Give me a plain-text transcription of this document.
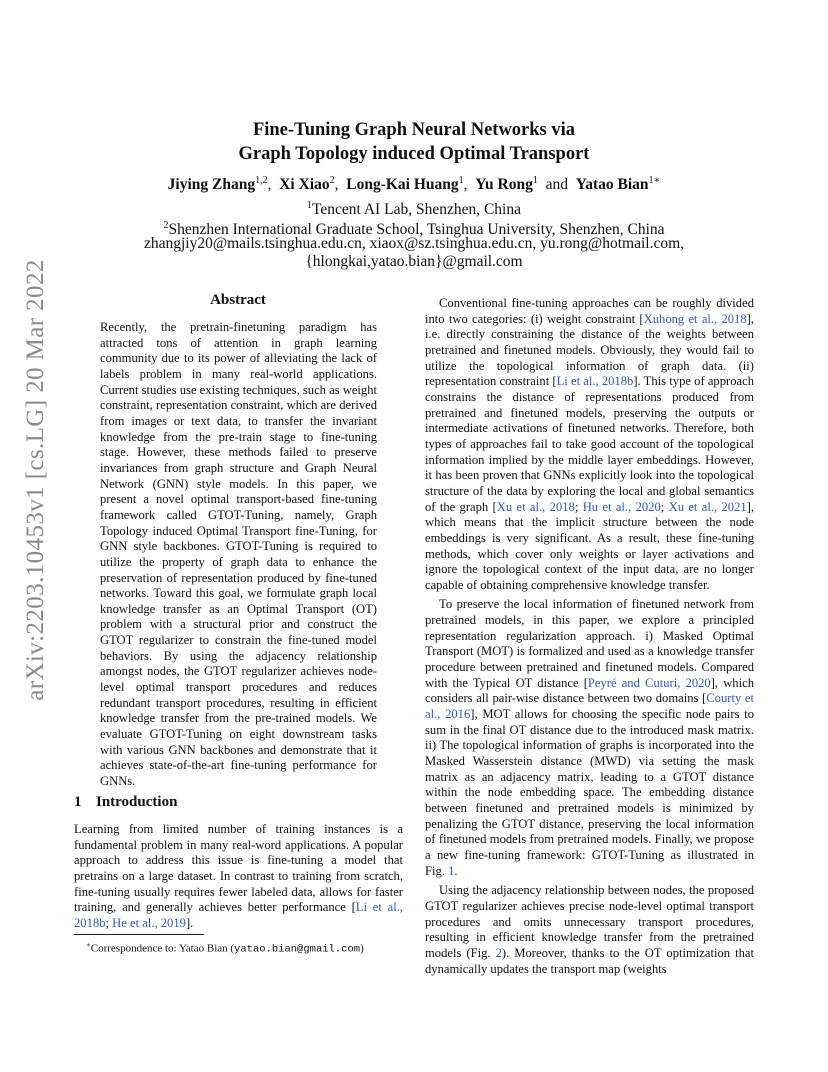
arXiv:2203.10453v1 [cs.LG] 20 Mar 2022
Fine-Tuning Graph Neural Networks via
Graph Topology induced Optimal Transport
Jiying Zhang$^{1,2}$, Xi Xiao$^2$, Long-Kai Huang$^1$, Yu Rong$^1$ and Yatao Bian$^{1∗}$
$^1$Tencent AI Lab, Shenzhen, China
$^2$Shenzhen International Graduate School, Tsinghua University, Shenzhen, China
zhangjiy20@mails.tsinghua.edu.cn, xiaox@sz.tsinghua.edu.cn, yu.rong@hotmail.com,
{hlongkai,yatao.bian}@gmail.com
Abstract
Recently, the pretrain-finetuning paradigm has attracted tons of attention in graph learning community due to its power of alleviating the lack of labels problem in many real-world applications. Current studies use existing techniques, such as weight constraint, representation constraint, which are derived from images or text data, to transfer the invariant knowledge from the pre-train stage to fine-tuning stage. However, these methods failed to preserve invariances from graph structure and Graph Neural Network (GNN) style models. In this paper, we present a novel optimal transport-based fine-tuning framework called GTOT-Tuning, namely, Graph Topology induced Optimal Transport fine-Tuning, for GNN style backbones. GTOT-Tuning is required to utilize the property of graph data to enhance the preservation of representation produced by fine-tuned networks. Toward this goal, we formulate graph local knowledge transfer as an Optimal Transport (OT) problem with a structural prior and construct the GTOT regularizer to constrain the fine-tuned model behaviors. By using the adjacency relationship amongst nodes, the GTOT regularizer achieves node-level optimal transport procedures and reduces redundant transport procedures, resulting in efficient knowledge transfer from the pre-trained models. We evaluate GTOT-Tuning on eight downstream tasks with various GNN backbones and demonstrate that it achieves state-of-the-art fine-tuning performance for GNNs.
1 Introduction
Learning from limited number of training instances is a fundamental problem in many real-word applications. A popular approach to address this issue is fine-tuning a model that pretrains on a large dataset. In contrast to training from scratch, fine-tuning usually requires fewer labeled data, allows for faster training, and generally achieves better performance [Li et al., 2018b; He et al., 2019].
∗Correspondence to: Yatao Bian (yatao.bian@gmail.com)

Conventional fine-tuning approaches can be roughly divided into two categories: (i) weight constraint [Xuhong et al., 2018], i.e. directly constraining the distance of the weights between pretrained and finetuned models. Obviously, they would fail to utilize the topological information of graph data. (ii) representation constraint [Li et al., 2018b]. This type of approach constrains the distance of representations produced from pretrained and finetuned models, preserving the outputs or intermediate activations of finetuned networks. Therefore, both types of approaches fail to take good account of the topological information implied by the middle layer embeddings. However, it has been proven that GNNs explicitly look into the topological structure of the data by exploring the local and global semantics of the graph [Xu et al., 2018; Hu et al., 2020; Xu et al., 2021], which means that the implicit structure between the node embeddings is very significant. As a result, these fine-tuning methods, which cover only weights or layer activations and ignore the topological context of the input data, are no longer capable of obtaining comprehensive knowledge transfer.

To preserve the local information of finetuned network from pretrained models, in this paper, we explore a principled representation regularization approach. i) Masked Optimal Transport (MOT) is formalized and used as a knowledge transfer procedure between pretrained and finetuned models. Compared with the Typical OT distance [Peyré and Cuturi, 2020], which considers all pair-wise distance between two domains [Courty et al., 2016], MOT allows for choosing the specific node pairs to sum in the final OT distance due to the introduced mask matrix. ii) The topological information of graphs is incorporated into the Masked Wasserstein distance (MWD) via setting the mask matrix as an adjacency matrix, leading to a GTOT distance within the node embedding space. The embedding distance between finetuned and pretrained models is minimized by penalizing the GTOT distance, preserving the local information of finetuned models from pretrained models. Finally, we propose a new fine-tuning framework: GTOT-Tuning as illustrated in Fig. 1.

Using the adjacency relationship between nodes, the proposed GTOT regularizer achieves precise node-level optimal transport procedures and omits unnecessary transport procedures, resulting in efficient knowledge transfer from the pretrained models (Fig. 2). Moreover, thanks to the OT optimization that dynamically updates the transport map (weights
